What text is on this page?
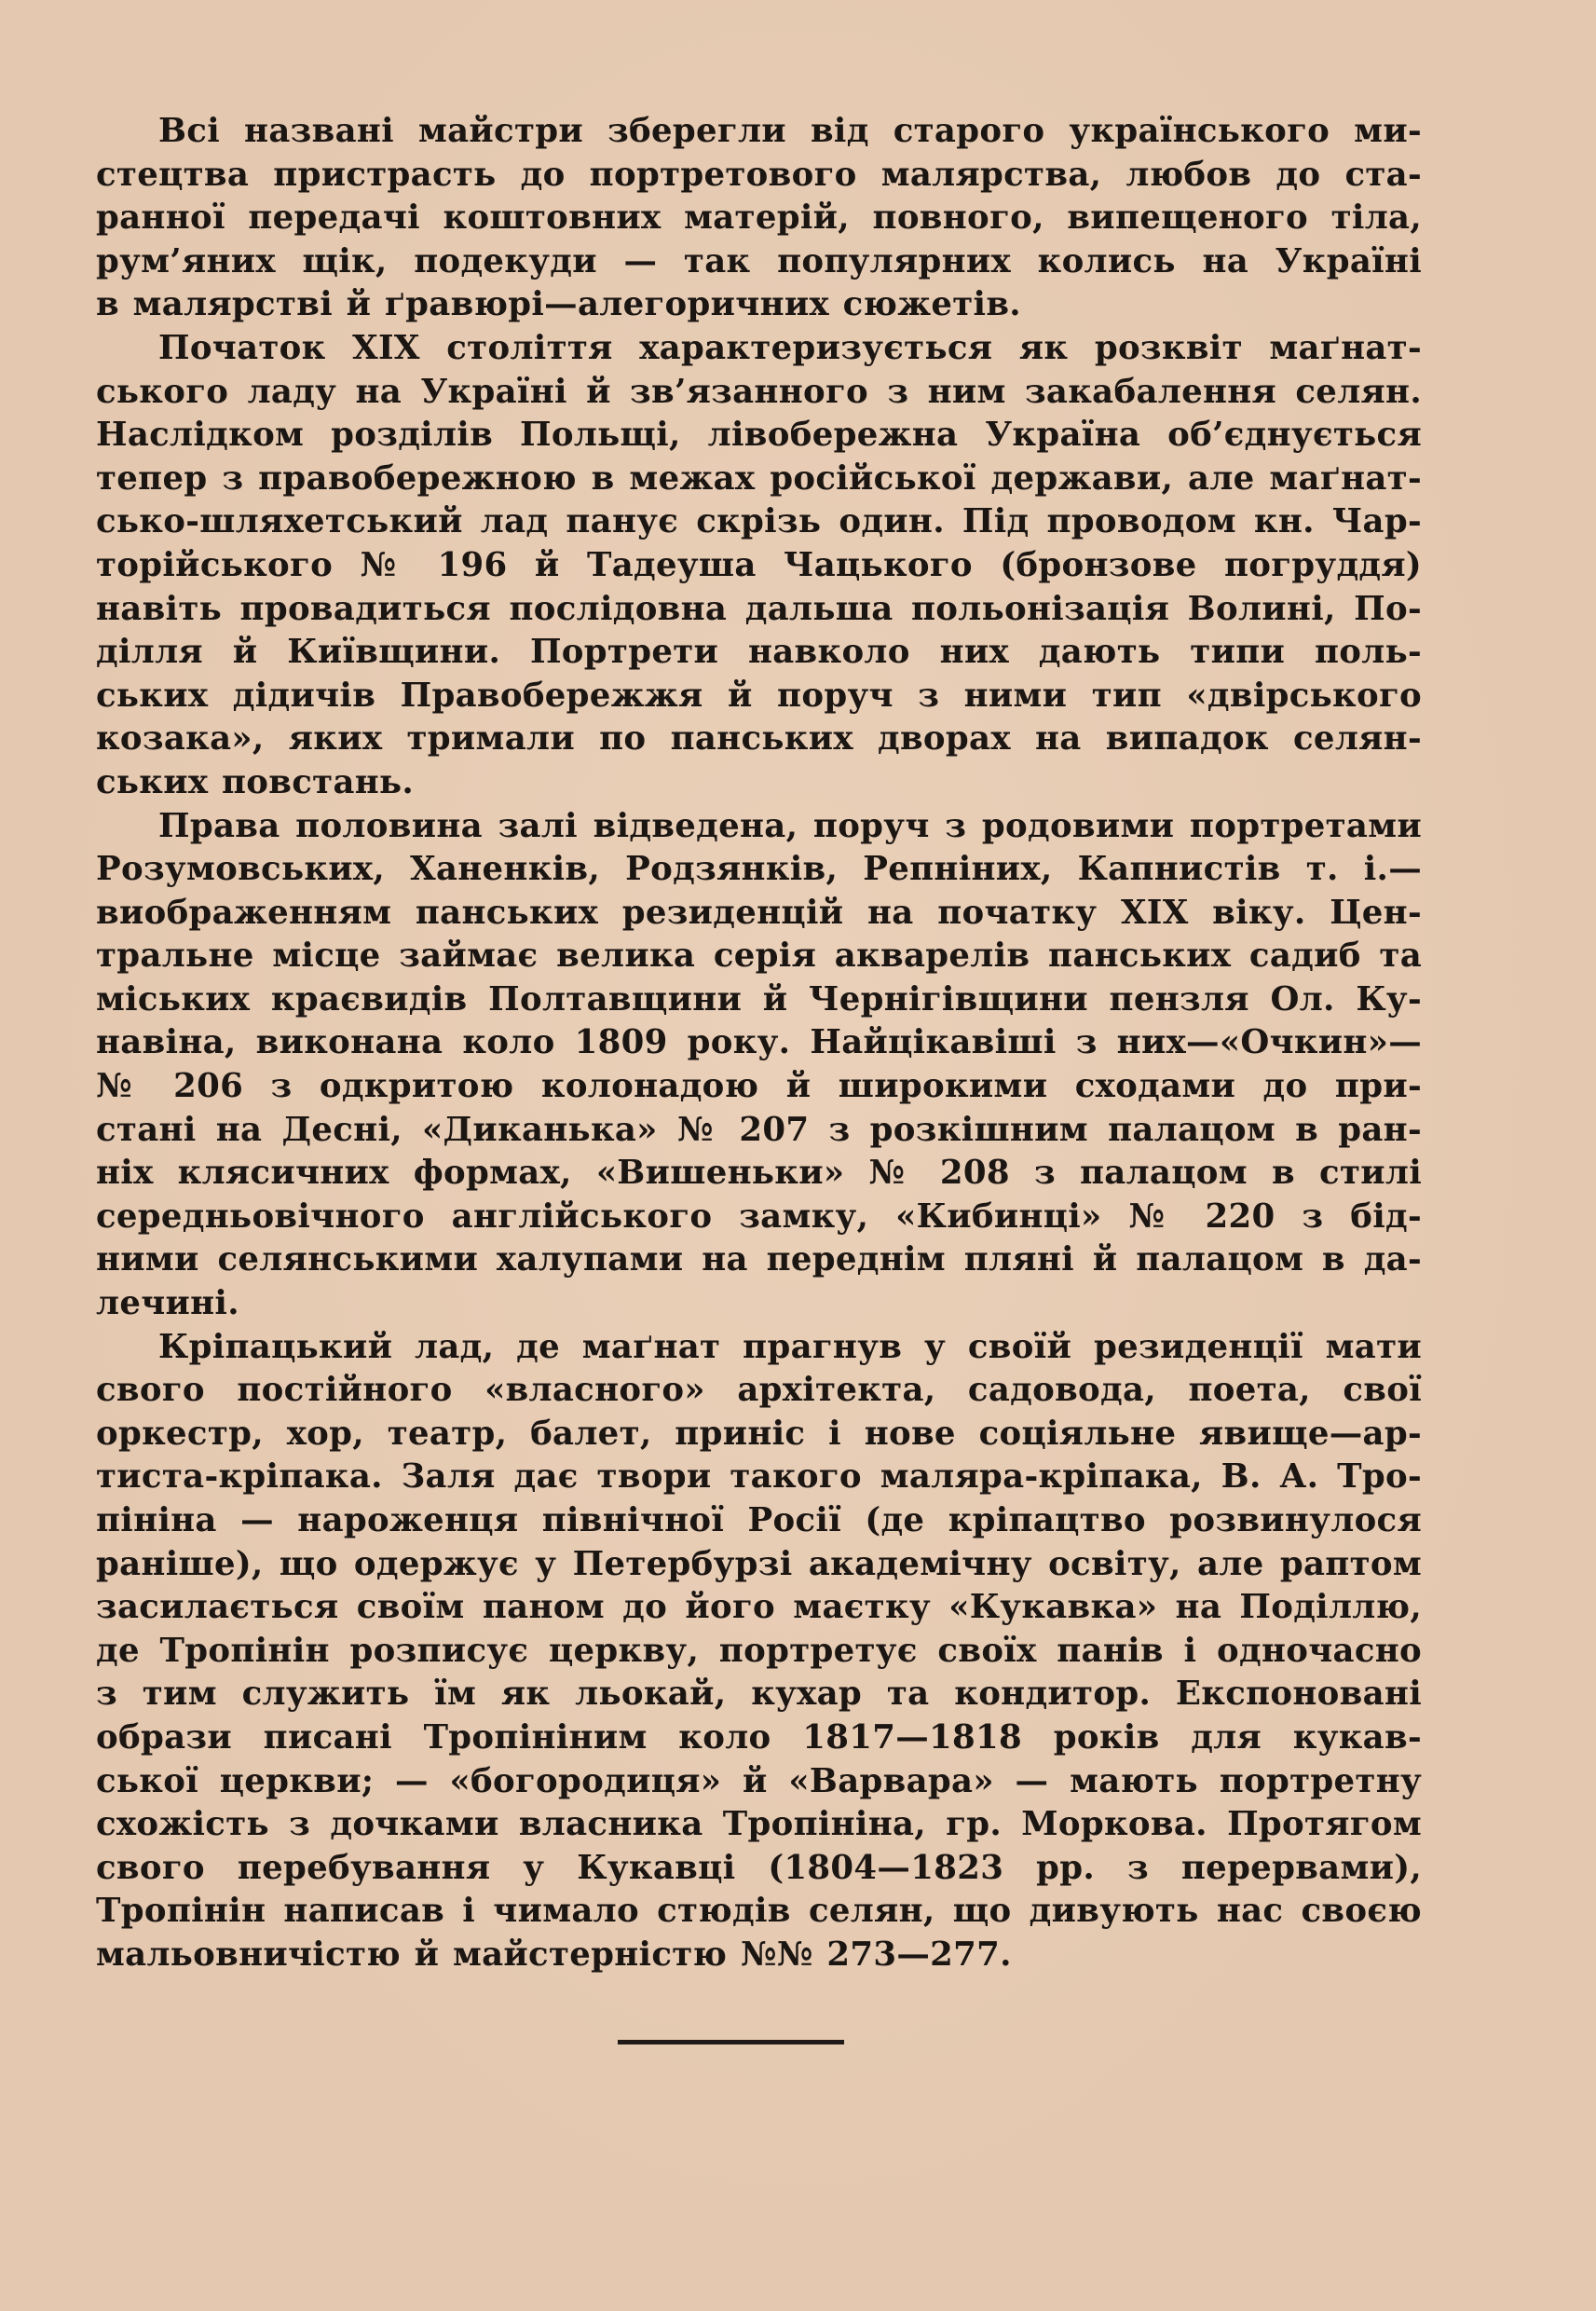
Всі названі майстри зберегли від старого українського ми-
стецтва пристрасть до портретового малярства, любов до ста-
ранної передачі коштовних матерій, повного, випещеного тіла,
рум’яних щік, подекуди — так популярних колись на Україні
в малярстві й ґравюрі—алегоричних сюжетів.
Початок XIX століття характеризується як розквіт маґнат-
ського ладу на Україні й зв’язанного з ним закабалення селян.
Наслідком розділів Польщі, лівобережна Україна об’єднується
тепер з правобережною в межах російської держави, але маґнат-
сько-шляхетський лад панує скрізь один. Під проводом кн. Чар-
торійського № 196 й Тадеуша Чацького (бронзове погруддя)
навіть провадиться послідовна дальша польонізація Волині, По-
ділля й Київщини. Портрети навколо них дають типи поль-
ських дідичів Правобережжя й поруч з ними тип «двірського
козака», яких тримали по панських дворах на випадок селян-
ських повстань.
Права половина залі відведена, поруч з родовими портретами
Розумовських, Ханенків, Родзянків, Репніних, Капнистів т. і.—
виображенням панських резиденцій на початку XIX віку. Цен-
тральне місце займає велика серія акварелів панських садиб та
міських краєвидів Полтавщини й Чернігівщини пензля Ол. Ку-
навіна, виконана коло 1809 року. Найцікавіші з них—«Очкин»—
№ 206 з одкритою колонадою й широкими сходами до при-
стані на Десні, «Диканька» № 207 з розкішним палацом в ран-
ніх клясичних формах, «Вишеньки» № 208 з палацом в стилі
середньовічного англійського замку, «Кибинці» № 220 з бід-
ними селянськими халупами на переднім пляні й палацом в да-
лечині.
Кріпацький лад, де маґнат прагнув у своїй резиденції мати
свого постійного «власного» архітекта, садовода, поета, свої
оркестр, хор, театр, балет, приніс і нове соціяльне явище—ар-
тиста-кріпака. Заля дає твори такого маляра-кріпака, В. А. Тро-
пініна — нароженця північної Росії (де кріпацтво розвинулося
раніше), що одержує у Петербурзі академічну освіту, але раптом
засилається своїм паном до його маєтку «Кукавка» на Поділлю,
де Тропінін розписує церкву, портретує своїх панів і одночасно
з тим служить їм як льокай, кухар та кондитор. Експоновані
образи писані Тропініним коло 1817—1818 років для кукав-
ської церкви; — «богородиця» й «Варвара» — мають портретну
схожість з дочками власника Тропініна, гр. Моркова. Протягом
свого перебування у Кукавці (1804—1823 рр. з перервами),
Тропінін написав і чимало стюдів селян, що дивують нас своєю
мальовничістю й майстерністю №№ 273—277.
